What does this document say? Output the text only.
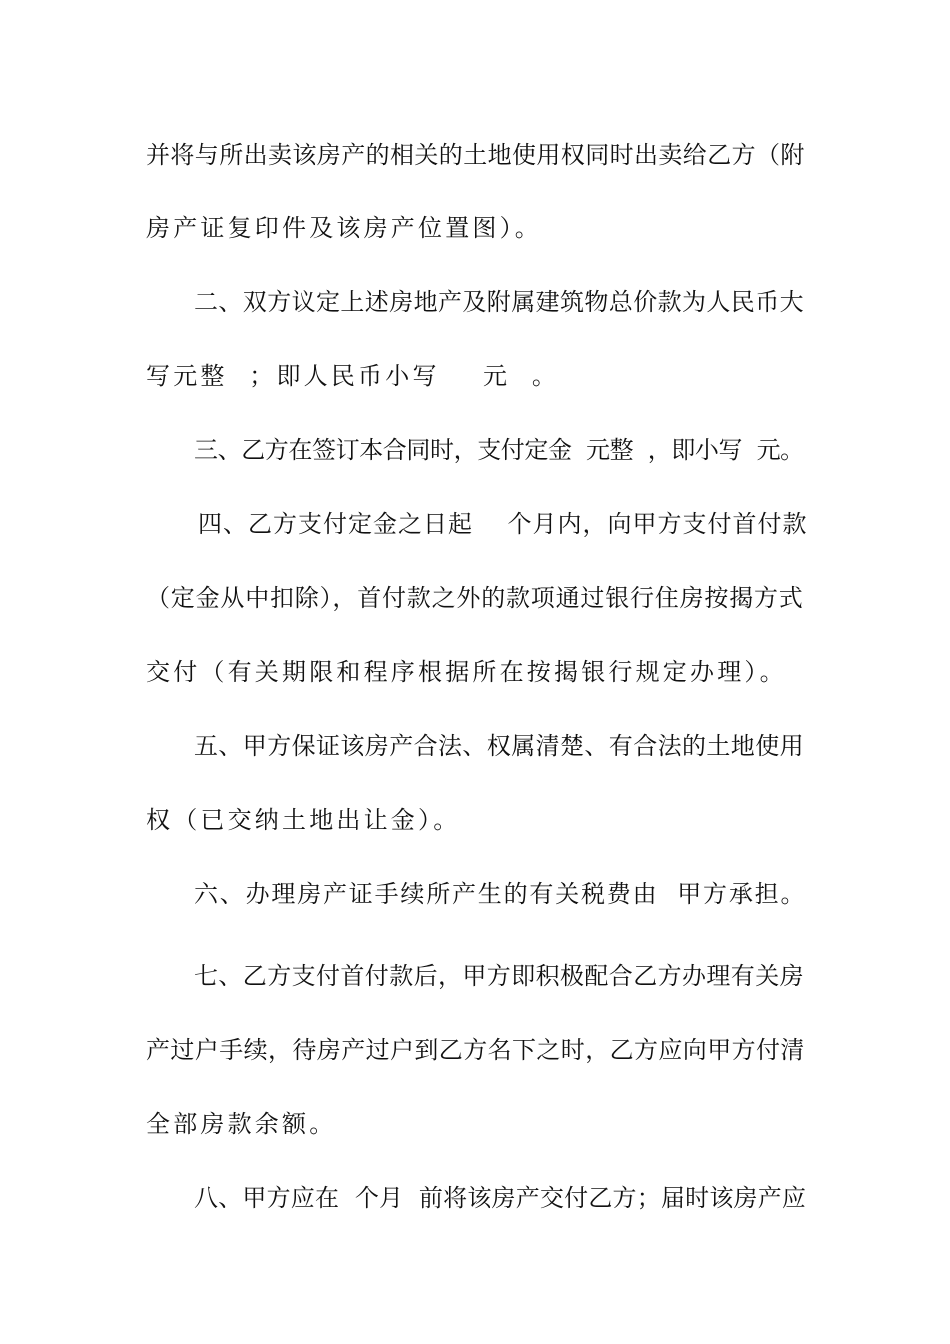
并将与所出卖该房产的相关的土地使用权同时出卖给乙方（附
房产证复印件及该房产位置图）。
二、双方议定上述房地产及附属建筑物总价款为人民币大
写元整  ；即人民币小写    元  。
三、乙方在签订本合同时，支付定金  元整  ，即小写  元。
四、乙方支付定金之日起    个月内，向甲方支付首付款
（定金从中扣除），首付款之外的款项通过银行住房按揭方式
交付（有关期限和程序根据所在按揭银行规定办理）。
五、甲方保证该房产合法、权属清楚、有合法的土地使用
权（已交纳土地出让金）。
六、办理房产证手续所产生的有关税费由  甲方承担。
七、乙方支付首付款后，甲方即积极配合乙方办理有关房
产过户手续，待房产过户到乙方名下之时，乙方应向甲方付清
全部房款余额。
八、甲方应在  个月  前将该房产交付乙方；届时该房产应
